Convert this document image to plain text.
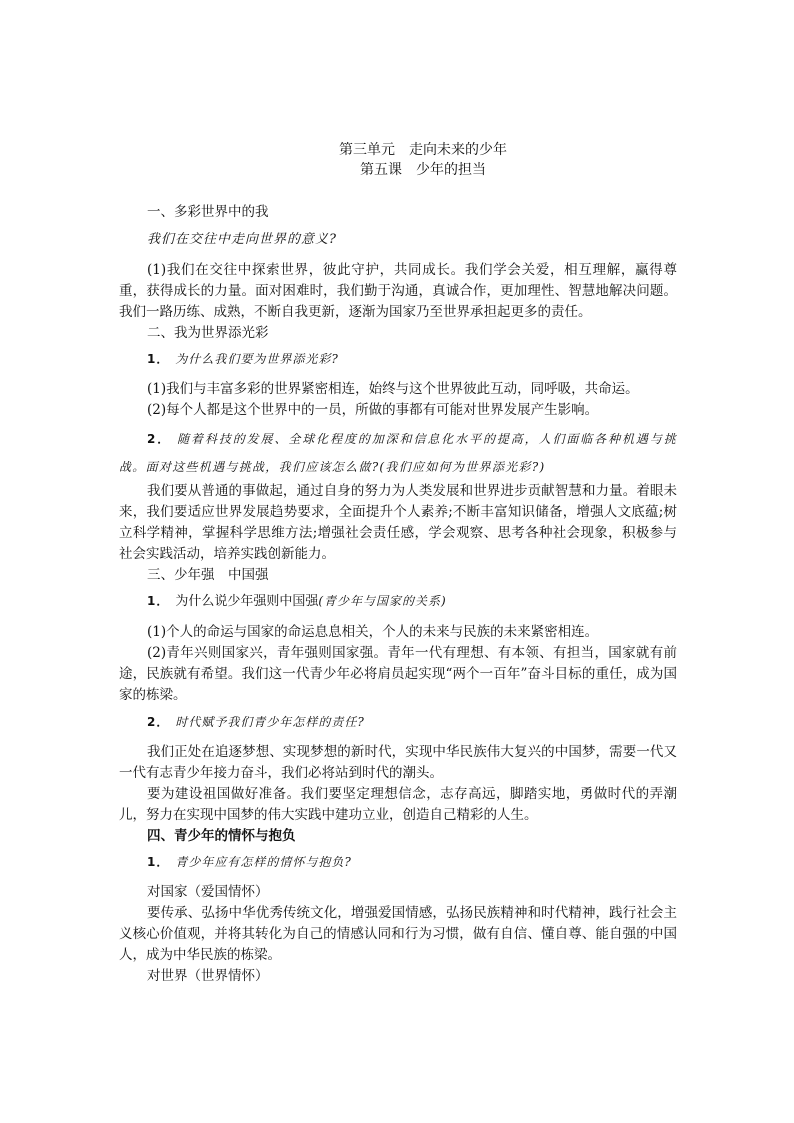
第三单元　走向未来的少年

第五课　少年的担当

一、多彩世界中的我

我们在交往中走向世界的意义?

(1)我们在交往中探索世界，彼此守护，共同成长。我们学会关爱，相互理解，赢得尊重，获得成长的力量。面对困难时，我们勤于沟通，真诚合作，更加理性、智慧地解决问题。我们一路历练、成熟，不断自我更新，逐渐为国家乃至世界承担起更多的责任。

二、我为世界添光彩

1． 为什么我们要为世界添光彩?

(1)我们与丰富多彩的世界紧密相连，始终与这个世界彼此互动，同呼吸，共命运。

(2)每个人都是这个世界中的一员，所做的事都有可能对世界发展产生影响。

2． 随着科技的发展、全球化程度的加深和信息化水平的提高，人们面临各种机遇与挑战。面对这些机遇与挑战，我们应该怎么做?(我们应如何为世界添光彩?)

我们要从普通的事做起，通过自身的努力为人类发展和世界进步贡献智慧和力量。着眼未来，我们要适应世界发展趋势要求，全面提升个人素养;不断丰富知识储备，增强人文底蕴;树立科学精神，掌握科学思维方法;增强社会责任感，学会观察、思考各种社会现象，积极参与社会实践活动，培养实践创新能力。

三、少年强　中国强

1． 为什么说少年强则中国强(青少年与国家的关系)

(1)个人的命运与国家的命运息息相关，个人的未来与民族的未来紧密相连。

(2)青年兴则国家兴，青年强则国家强。青年一代有理想、有本领、有担当，国家就有前途，民族就有希望。我们这一代青少年必将肩员起实现“两个一百年”奋斗目标的重任，成为国家的栋梁。

2． 时代赋予我们青少年怎样的责任?

我们正处在追逐梦想、实现梦想的新时代，实现中华民族伟大复兴的中国梦，需要一代又一代有志青少年接力奋斗，我们必将站到时代的潮头。

要为建设祖国做好准备。我们要坚定理想信念，志存高远，脚踏实地，勇做时代的弄潮儿，努力在实现中国梦的伟大实践中建功立业，创造自己精彩的人生。

四、青少年的情怀与抱负

1． 青少年应有怎样的情怀与抱负?

对国家（爱国情怀）

要传承、弘扬中华优秀传统文化，增强爱国情感，弘扬民族精神和时代精神，践行社会主义核心价值观，并将其转化为自己的情感认同和行为习惯，做有自信、懂自尊、能自强的中国人，成为中华民族的栋梁。

对世界（世界情怀）
